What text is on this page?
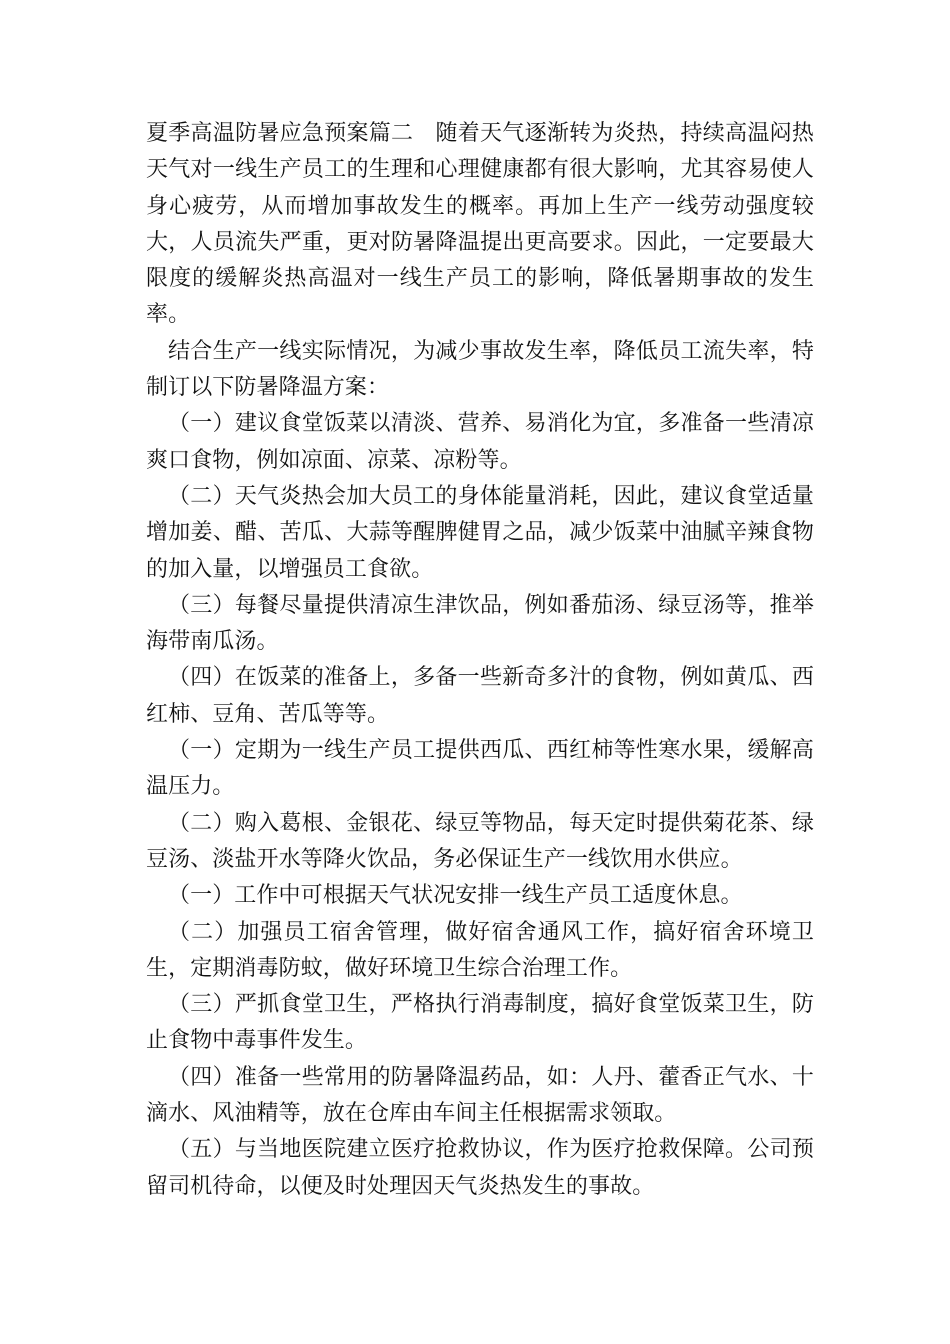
夏季高温防暑应急预案篇二 随着天气逐渐转为炎热，持续高温闷热天气对一线生产员工的生理和心理健康都有很大影响，尤其容易使人身心疲劳，从而增加事故发生的概率。再加上生产一线劳动强度较大，人员流失严重，更对防暑降温提出更高要求。因此，一定要最大限度的缓解炎热高温对一线生产员工的影响，降低暑期事故的发生率。

结合生产一线实际情况，为减少事故发生率，降低员工流失率，特制订以下防暑降温方案：

（一）建议食堂饭菜以清淡、营养、易消化为宜，多准备一些清凉爽口食物，例如凉面、凉菜、凉粉等。

（二）天气炎热会加大员工的身体能量消耗，因此，建议食堂适量增加姜、醋、苦瓜、大蒜等醒脾健胃之品，减少饭菜中油腻辛辣食物的加入量，以增强员工食欲。

（三）每餐尽量提供清凉生津饮品，例如番茄汤、绿豆汤等，推举海带南瓜汤。

（四）在饭菜的准备上，多备一些新奇多汁的食物，例如黄瓜、西红柿、豆角、苦瓜等等。

（一）定期为一线生产员工提供西瓜、西红柿等性寒水果，缓解高温压力。

（二）购入葛根、金银花、绿豆等物品，每天定时提供菊花茶、绿豆汤、淡盐开水等降火饮品，务必保证生产一线饮用水供应。

（一）工作中可根据天气状况安排一线生产员工适度休息。

（二）加强员工宿舍管理，做好宿舍通风工作，搞好宿舍环境卫生，定期消毒防蚊，做好环境卫生综合治理工作。

（三）严抓食堂卫生，严格执行消毒制度，搞好食堂饭菜卫生，防止食物中毒事件发生。

（四）准备一些常用的防暑降温药品，如：人丹、藿香正气水、十滴水、风油精等，放在仓库由车间主任根据需求领取。

（五）与当地医院建立医疗抢救协议，作为医疗抢救保障。公司预留司机待命，以便及时处理因天气炎热发生的事故。
